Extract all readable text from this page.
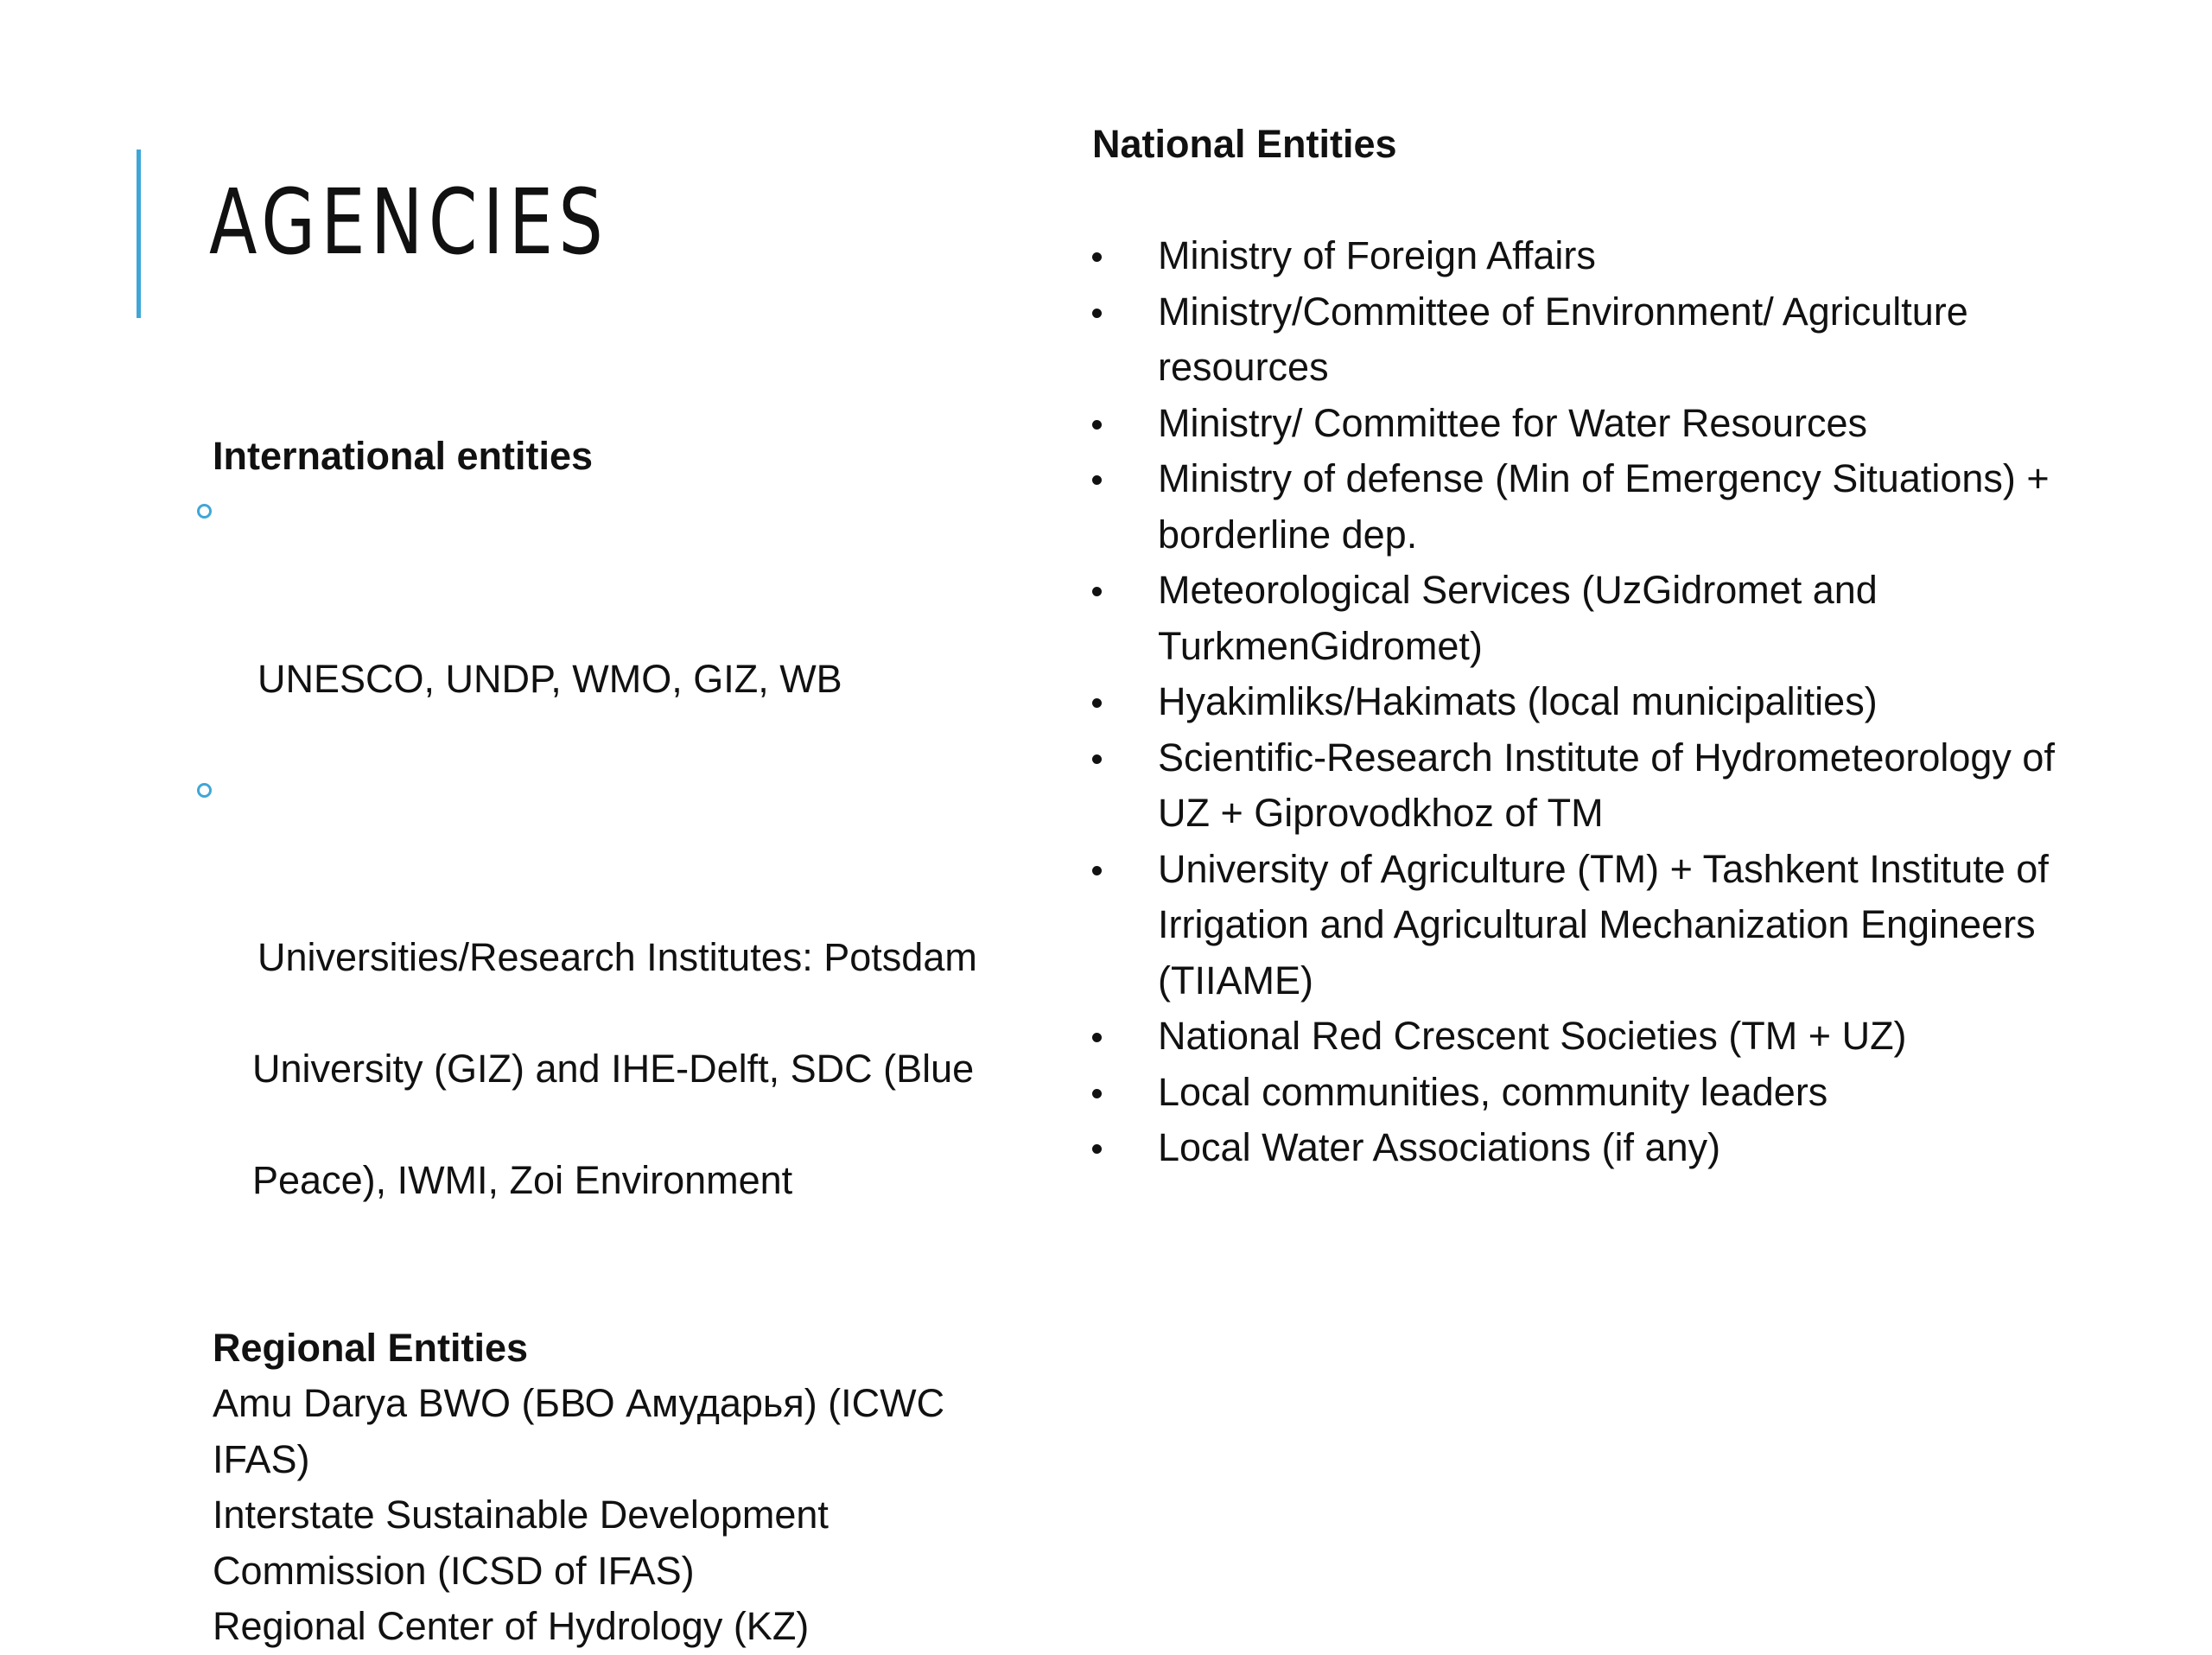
AGENCIES

International entities

UNESCO, UNDP, WMO, GIZ, WB

Universities/Research Institutes: Potsdam

University (GIZ) and IHE-Delft, SDC (Blue

Peace), IWMI, Zoi Environment

Regional Entities

Amu Darya BWO (БВО Амударья) (ICWC
IFAS)
Interstate Sustainable Development
Commission (ICSD of IFAS)
Regional Center of Hydrology (KZ)

National Entities

Ministry of Foreign Affairs
Ministry/Committee of Environment/ Agriculture
resources
Ministry/ Committee for Water Resources
Ministry of defense (Min of Emergency Situations) +
borderline dep.
Meteorological Services (UzGidromet and
TurkmenGidromet)
Hyakimliks/Hakimats (local municipalities)
Scientific-Research Institute of Hydrometeorology of
UZ + Giprovodkhoz of TM
University of Agriculture (TM) + Tashkent Institute of
Irrigation and Agricultural Mechanization Engineers
(TIIAME)
National Red Crescent Societies (TM + UZ)
Local communities, community leaders
Local Water Associations (if any)
